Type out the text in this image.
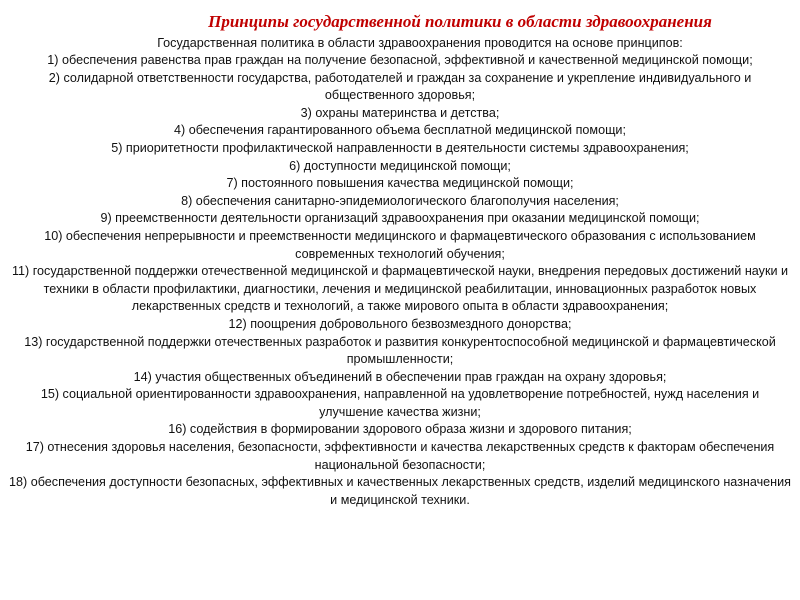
Принципы государственной политики в области здравоохранения
Государственная политика в области здравоохранения проводится на основе принципов:
1) обеспечения равенства прав граждан на получение безопасной, эффективной и качественной медицинской помощи;
2) солидарной ответственности государства, работодателей и граждан за сохранение и укрепление индивидуального и общественного здоровья;
3) охраны материнства и детства;
4) обеспечения гарантированного объема бесплатной медицинской помощи;
5) приоритетности профилактической направленности в деятельности системы здравоохранения;
6) доступности медицинской помощи;
7) постоянного повышения качества медицинской помощи;
8) обеспечения санитарно-эпидемиологического благополучия населения;
9) преемственности деятельности организаций здравоохранения при оказании медицинской помощи;
10) обеспечения непрерывности и преемственности медицинского и фармацевтического образования с использованием современных технологий обучения;
11) государственной поддержки отечественной медицинской и фармацевтической науки, внедрения передовых достижений науки и техники в области профилактики, диагностики, лечения и медицинской реабилитации, инновационных разработок новых лекарственных средств и технологий, а также мирового опыта в области здравоохранения;
12) поощрения добровольного безвозмездного донорства;
13) государственной поддержки отечественных разработок и развития конкурентоспособной медицинской и фармацевтической промышленности;
14) участия общественных объединений в обеспечении прав граждан на охрану здоровья;
15) социальной ориентированности здравоохранения, направленной на удовлетворение потребностей, нужд населения и улучшение качества жизни;
16) содействия в формировании здорового образа жизни и здорового питания;
17) отнесения здоровья населения, безопасности, эффективности и качества лекарственных средств к факторам обеспечения национальной безопасности;
18) обеспечения доступности безопасных, эффективных и качественных лекарственных средств, изделий медицинского назначения и медицинской техники.
